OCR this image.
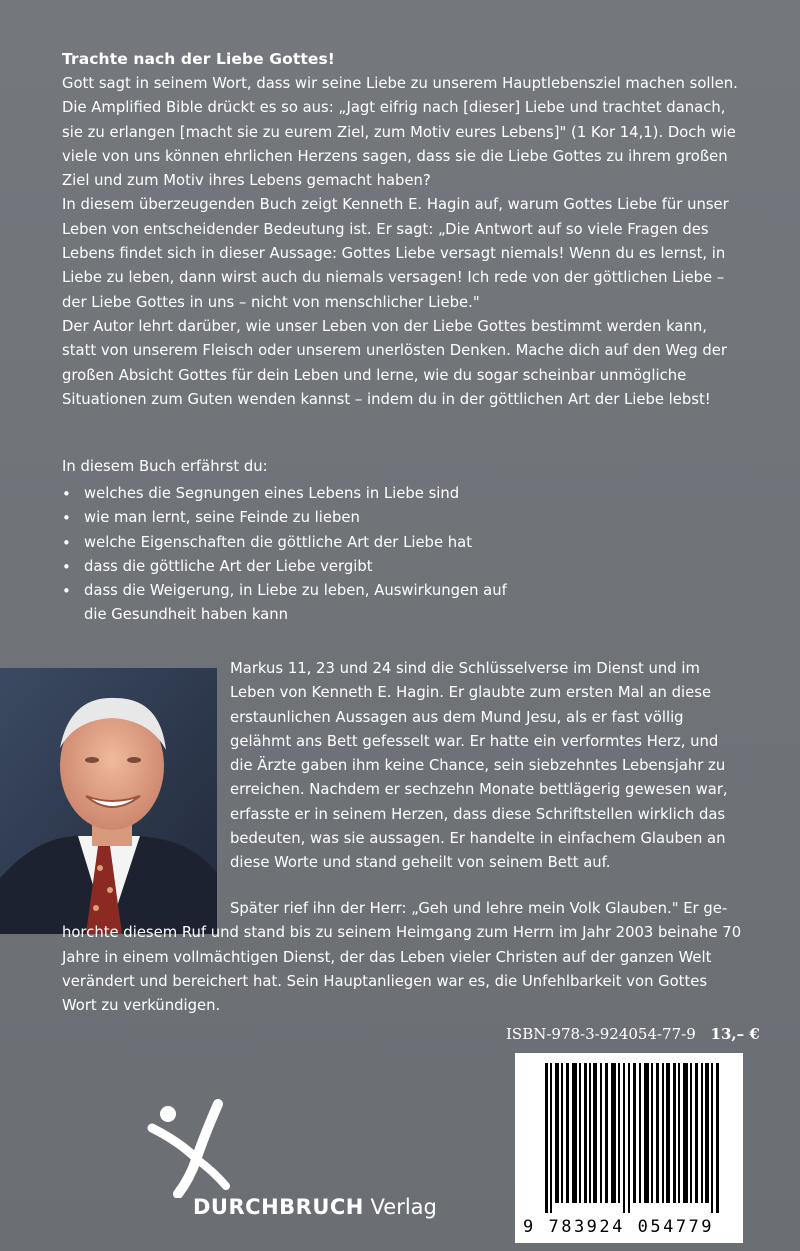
Trachte nach der Liebe Gottes!

Gott sagt in seinem Wort, dass wir seine Liebe zu unserem Hauptlebensziel machen sollen. Die Amplified Bible drückt es so aus: „Jagt eifrig nach [dieser] Liebe und trachtet danach, sie zu erlangen [macht sie zu eurem Ziel, zum Motiv eures Lebens]" (1 Kor 14,1). Doch wie viele von uns können ehrlichen Herzens sagen, dass sie die Liebe Gottes zu ihrem großen Ziel und zum Motiv ihres Lebens gemacht haben?

In diesem überzeugenden Buch zeigt Kenneth E. Hagin auf, warum Gottes Liebe für unser Leben von entscheidender Bedeutung ist. Er sagt: „Die Antwort auf so viele Fragen des Lebens findet sich in dieser Aussage: Gottes Liebe versagt niemals! Wenn du es lernst, in Liebe zu leben, dann wirst auch du niemals versagen! Ich rede von der göttlichen Liebe – der Liebe Gottes in uns – nicht von menschlicher Liebe."

Der Autor lehrt darüber, wie unser Leben von der Liebe Gottes bestimmt werden kann, statt von unserem Fleisch oder unserem unerlösten Denken. Mache dich auf den Weg der großen Absicht Gottes für dein Leben und lerne, wie du sogar scheinbar unmögliche Situationen zum Guten wenden kannst – indem du in der göttlichen Art der Liebe lebst!

In diesem Buch erfährst du:
• welches die Segnungen eines Lebens in Liebe sind
• wie man lernt, seine Feinde zu lieben
• welche Eigenschaften die göttliche Art der Liebe hat
• dass die göttliche Art der Liebe vergibt
• dass die Weigerung, in Liebe zu leben, Auswirkungen auf die Gesundheit haben kann

Markus 11, 23 und 24 sind die Schlüsselverse im Dienst und im Leben von Kenneth E. Hagin. Er glaubte zum ersten Mal an diese erstaunlichen Aussagen aus dem Mund Jesu, als er fast völlig gelähmt ans Bett gefesselt war. Er hatte ein verformtes Herz, und die Ärzte gaben ihm keine Chance, sein siebzehntes Lebensjahr zu erreichen. Nachdem er sechzehn Monate bettlägerig gewesen war, erfasste er in seinem Herzen, dass diese Schriftstellen wirklich das bedeuten, was sie aussagen. Er handelte in einfachem Glauben an diese Worte und stand geheilt von seinem Bett auf.

Später rief ihn der Herr: „Geh und lehre mein Volk Glauben." Er ge-

horchte diesem Ruf und stand bis zu seinem Heimgang zum Herrn im Jahr 2003 beinahe 70 Jahre in einem vollmächtigen Dienst, der das Leben vieler Christen auf der ganzen Welt verändert und bereichert hat. Sein Hauptanliegen war es, die Unfehlbarkeit von Gottes Wort zu verkündigen.

ISBN-978-3-924054-77-9 13,– €
9 783924 054779
DURCHBRUCH Verlag
